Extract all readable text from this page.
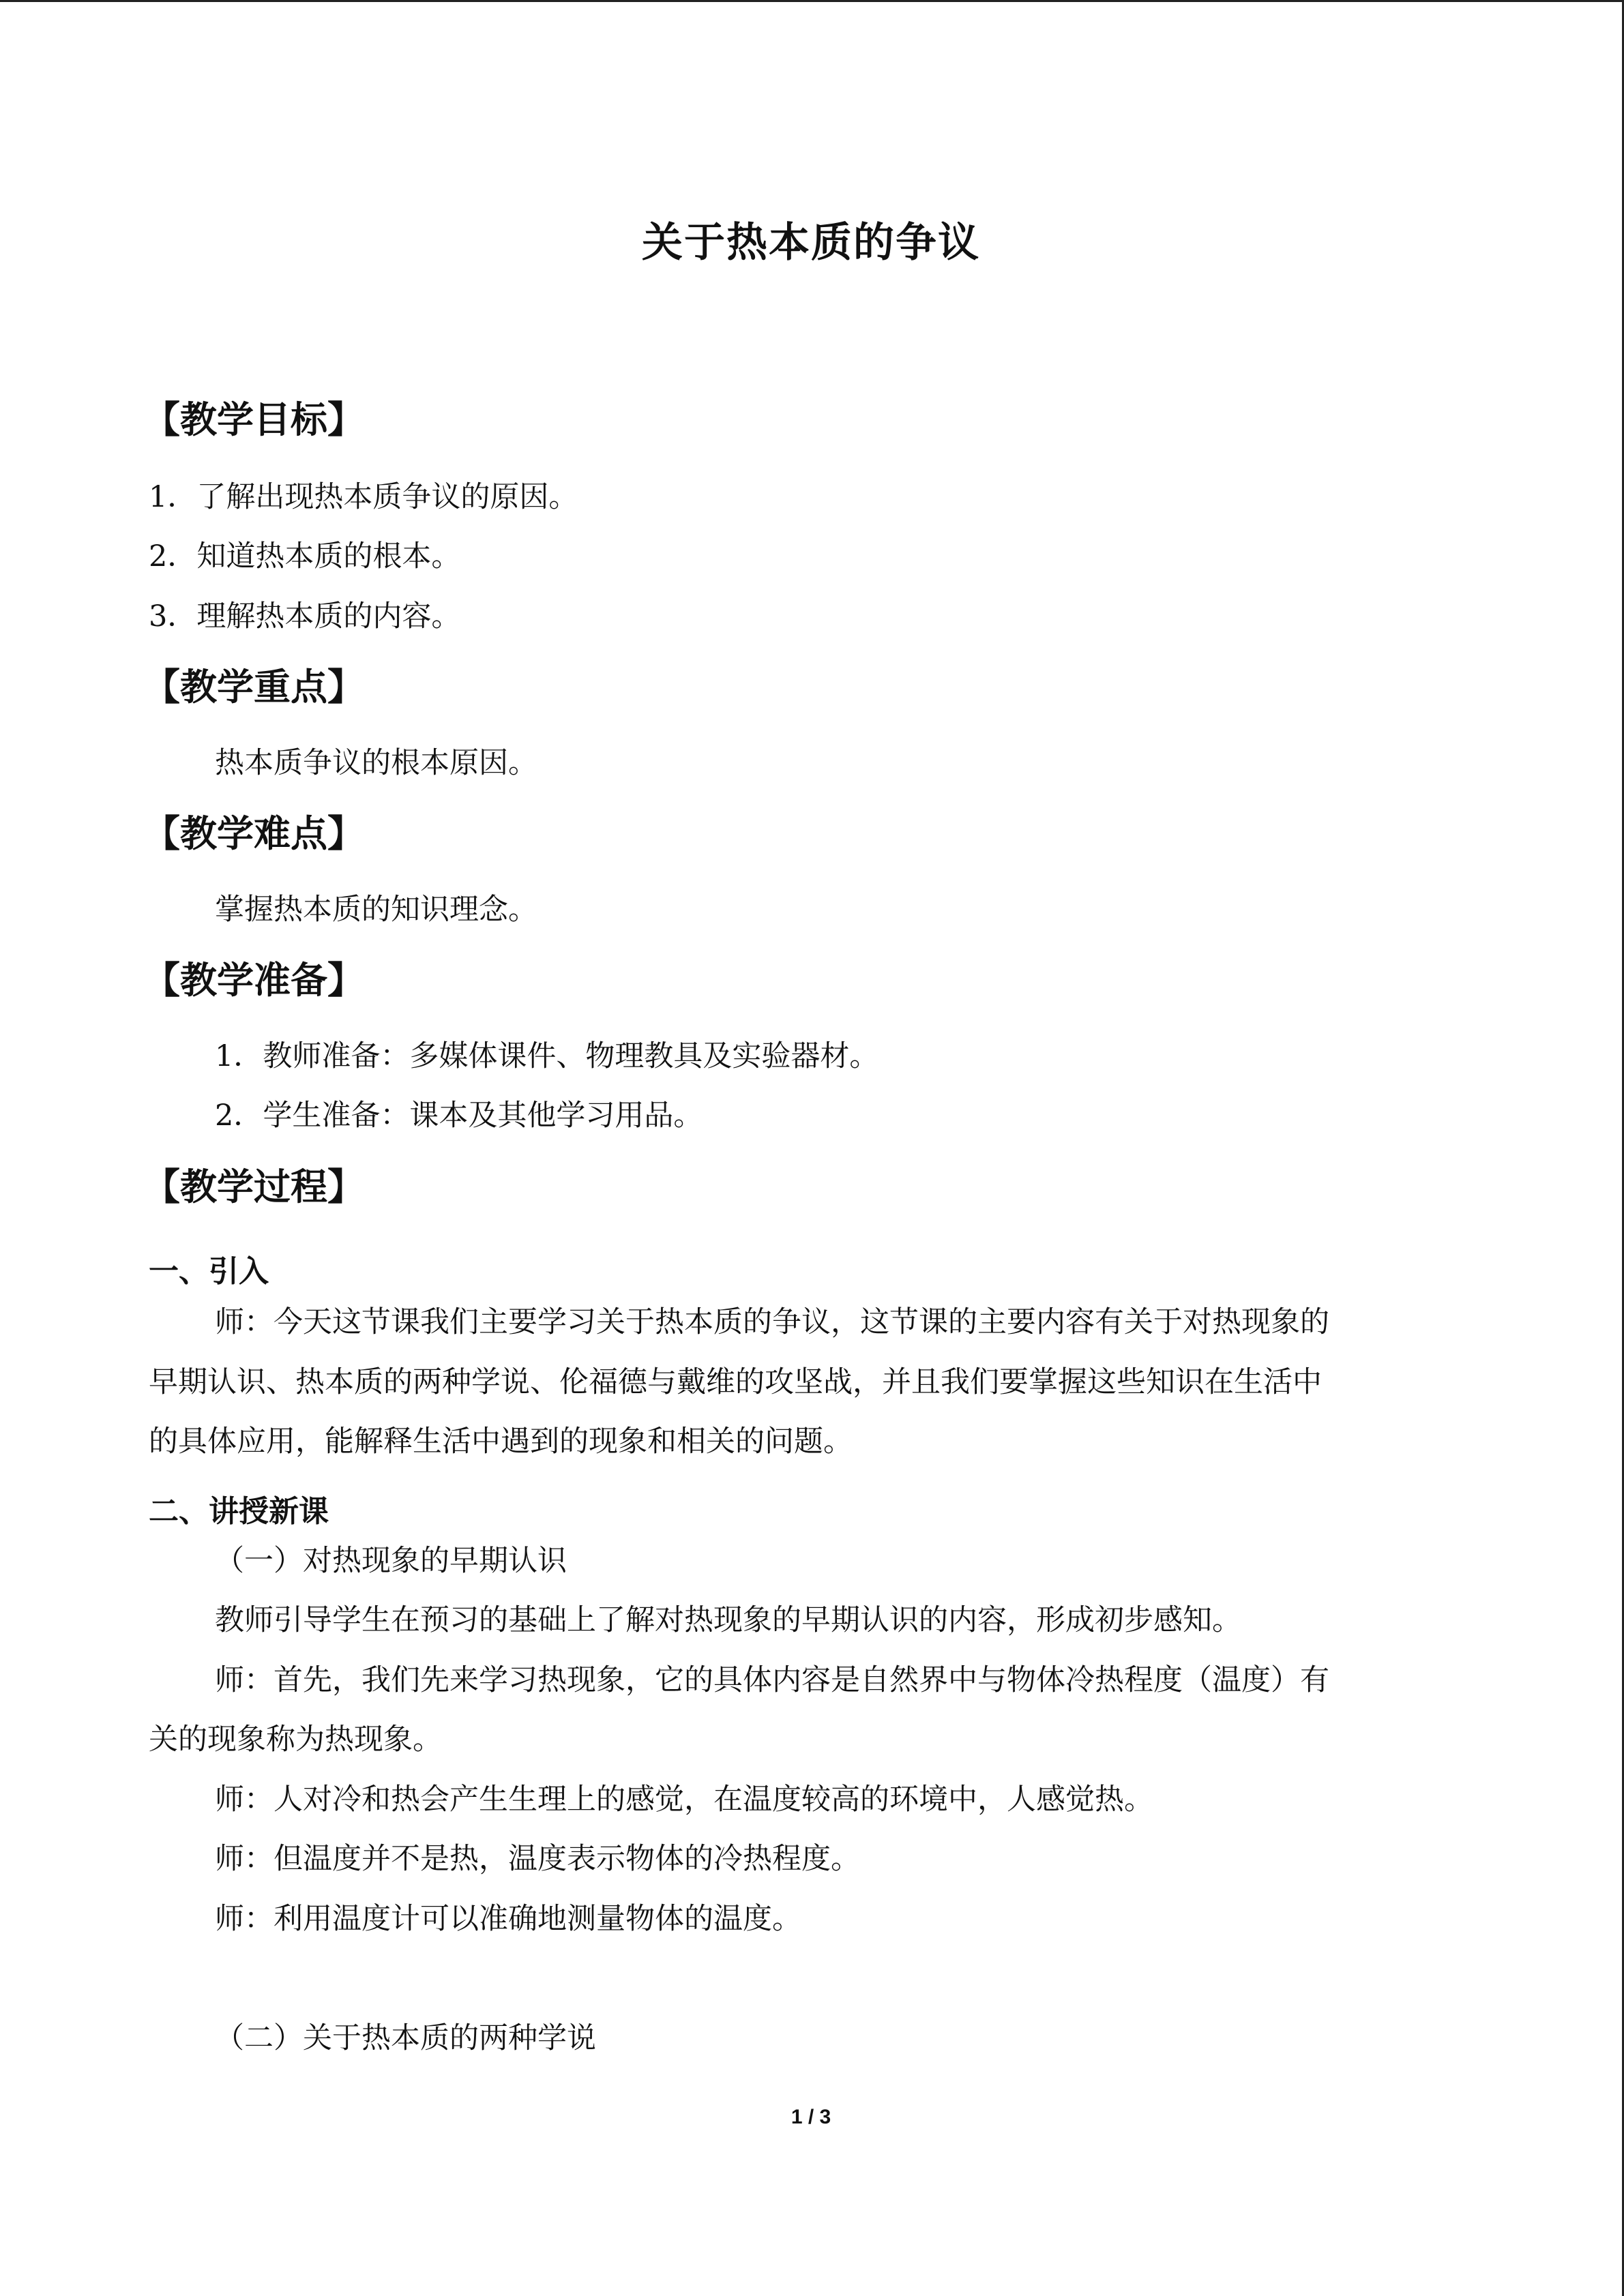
关于热本质的争议
【教学目标】
1．了解出现热本质争议的原因。
2．知道热本质的根本。
3．理解热本质的内容。
【教学重点】
热本质争议的根本原因。
【教学难点】
掌握热本质的知识理念。
【教学准备】
1．教师准备：多媒体课件、物理教具及实验器材。
2．学生准备：课本及其他学习用品。
【教学过程】
一、引入
师：今天这节课我们主要学习关于热本质的争议，这节课的主要内容有关于对热现象的
早期认识、热本质的两种学说、伦福德与戴维的攻坚战，并且我们要掌握这些知识在生活中
的具体应用，能解释生活中遇到的现象和相关的问题。
二、讲授新课
（一）对热现象的早期认识
教师引导学生在预习的基础上了解对热现象的早期认识的内容，形成初步感知。
师：首先，我们先来学习热现象，它的具体内容是自然界中与物体冷热程度（温度）有
关的现象称为热现象。
师：人对冷和热会产生生理上的感觉，在温度较高的环境中，人感觉热。
师：但温度并不是热，温度表示物体的冷热程度。
师：利用温度计可以准确地测量物体的温度。
（二）关于热本质的两种学说
1 / 3
